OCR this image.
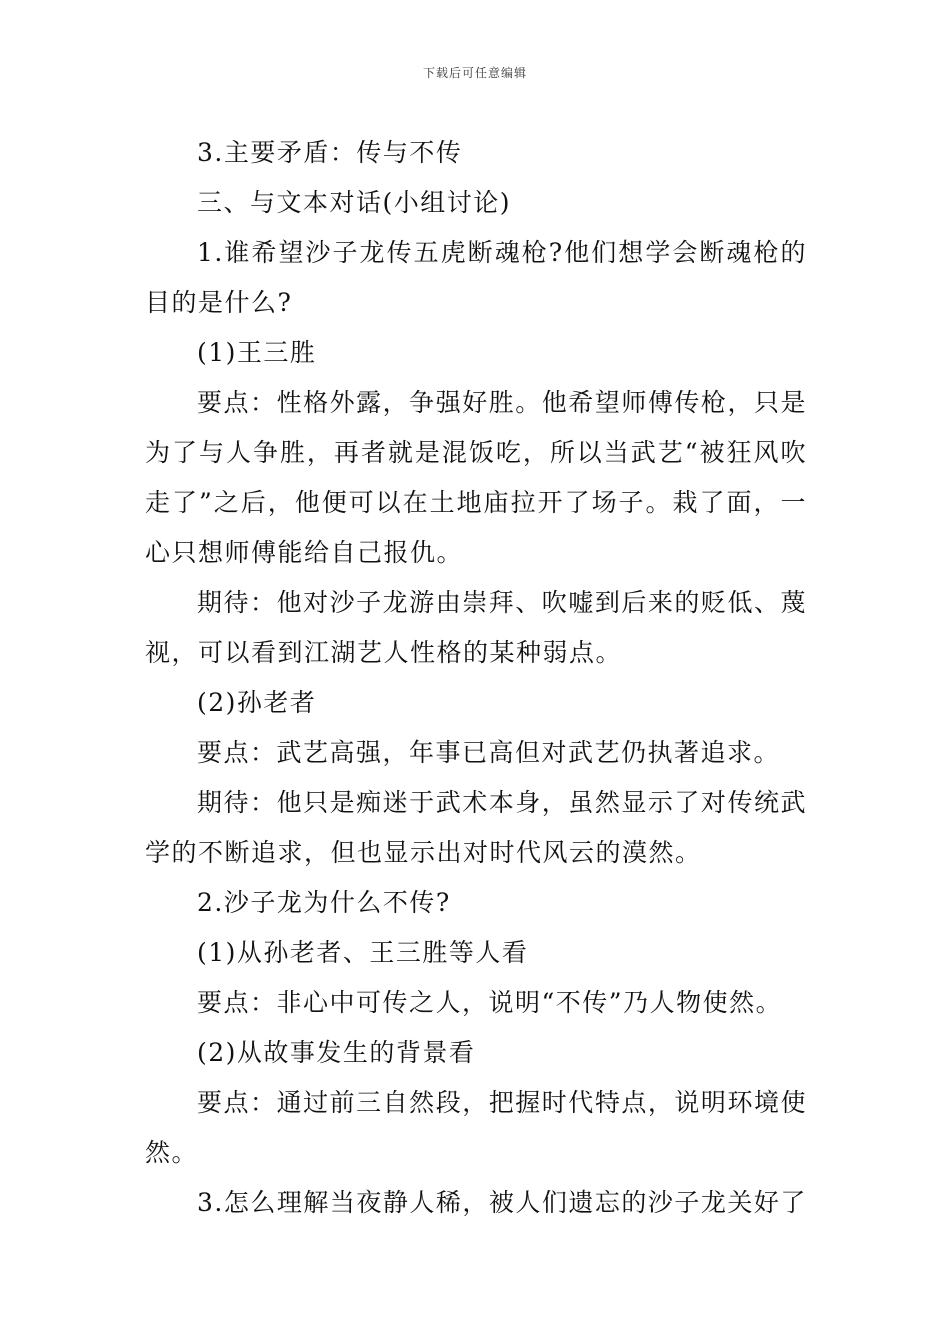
下载后可任意编辑

3.主要矛盾：传与不传

三、与文本对话(小组讨论)

1.谁希望沙子龙传五虎断魂枪?他们想学会断魂枪的目的是什么?

(1)王三胜

要点：性格外露，争强好胜。他希望师傅传枪，只是为了与人争胜，再者就是混饭吃，所以当武艺“被狂风吹走了”之后，他便可以在土地庙拉开了场子。栽了面，一心只想师傅能给自己报仇。

期待：他对沙子龙游由崇拜、吹嘘到后来的贬低、蔑视，可以看到江湖艺人性格的某种弱点。

(2)孙老者

要点：武艺高强，年事已高但对武艺仍执著追求。

期待：他只是痴迷于武术本身，虽然显示了对传统武学的不断追求，但也显示出对时代风云的漠然。

2.沙子龙为什么不传?

(1)从孙老者、王三胜等人看

要点：非心中可传之人，说明“不传”乃人物使然。

(2)从故事发生的背景看

要点：通过前三自然段，把握时代特点，说明环境使然。

3.怎么理解当夜静人稀，被人们遗忘的沙子龙关好了
